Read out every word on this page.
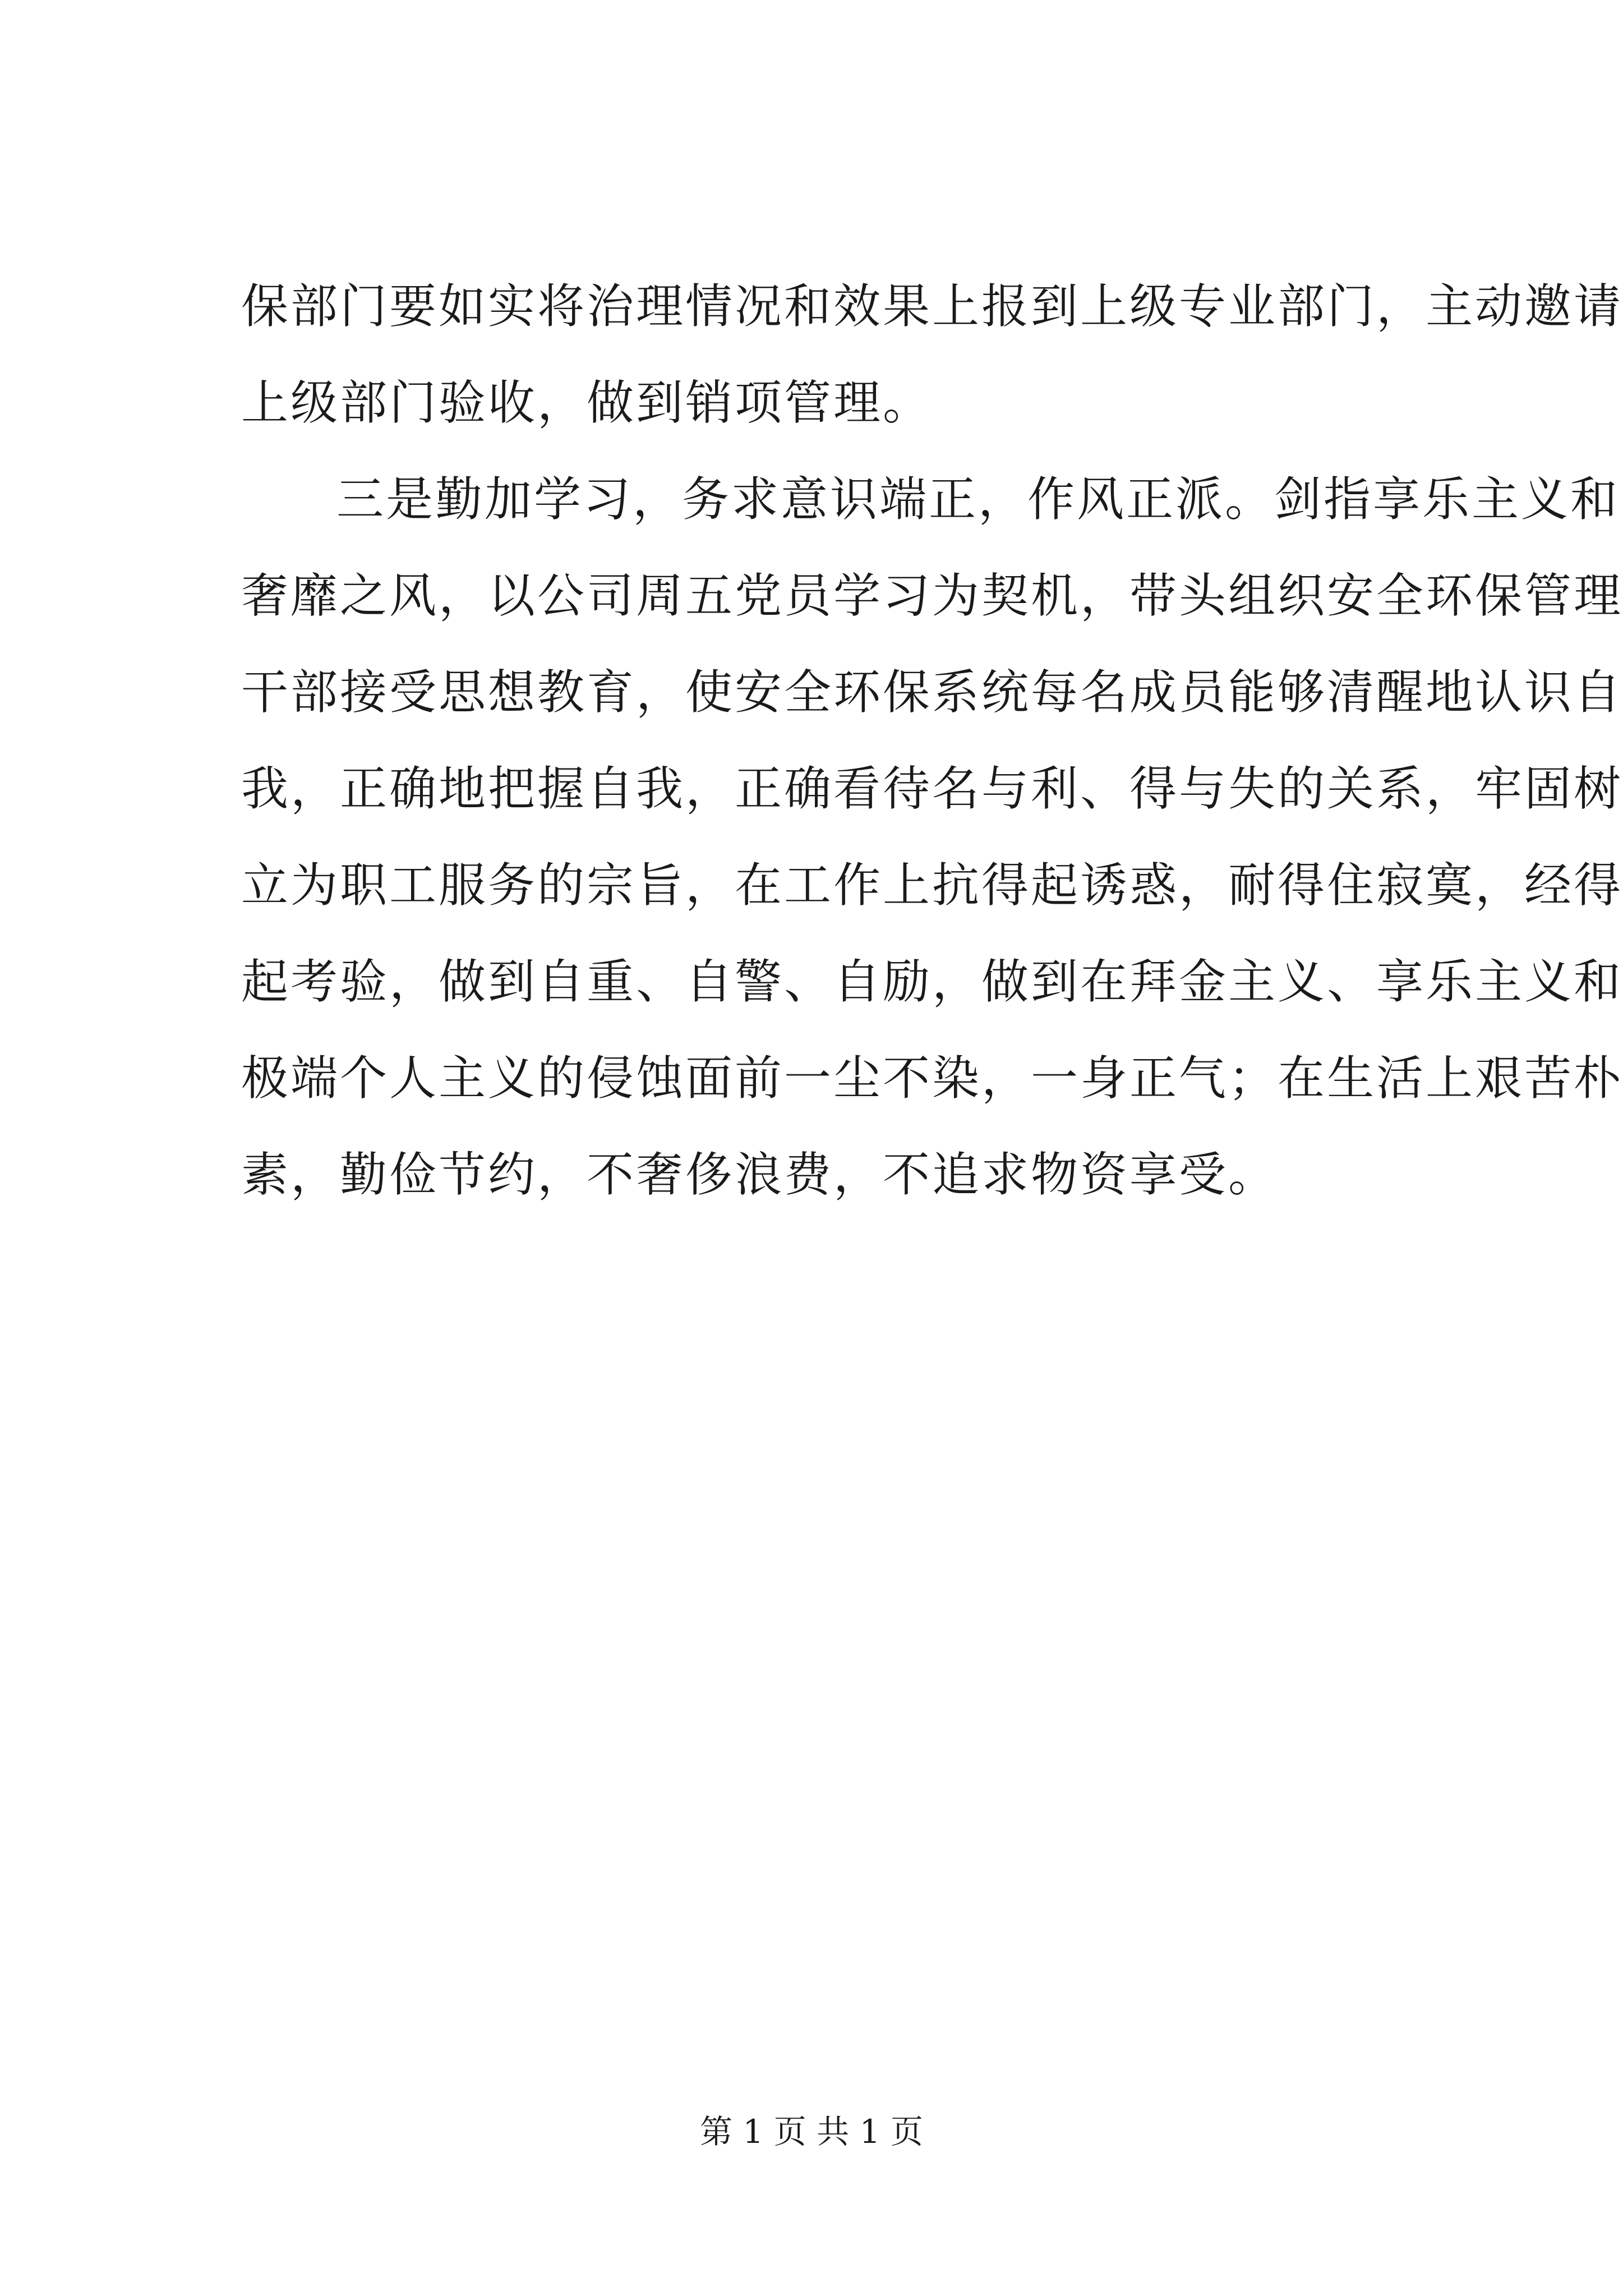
保部门要如实将治理情况和效果上报到上级专业部门，主动邀请
上级部门验收，做到销项管理。
三是勤加学习，务求意识端正，作风正派。剑指享乐主义和
奢靡之风，以公司周五党员学习为契机，带头组织安全环保管理
干部接受思想教育，使安全环保系统每名成员能够清醒地认识自
我，正确地把握自我，正确看待名与利、得与失的关系，牢固树
立为职工服务的宗旨，在工作上抗得起诱惑，耐得住寂寞，经得
起考验，做到自重、自警、自励，做到在拜金主义、享乐主义和
极端个人主义的侵蚀面前一尘不染，一身正气；在生活上艰苦朴
素，勤俭节约，不奢侈浪费，不追求物资享受。
第 1 页 共 1 页
